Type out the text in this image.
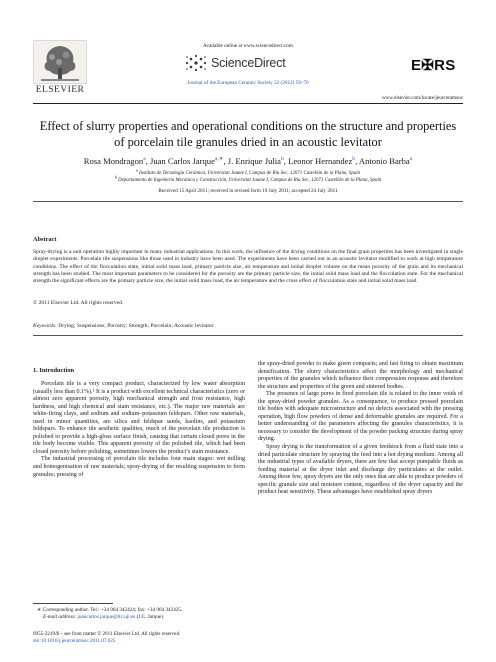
Available online at www.sciencedirect.com
ScienceDirect
Journal of the European Ceramic Society 32 (2012) 59–70
ELSEVIER
E✠RS
www.elsevier.com/locate/jeurceramsoc
Effect of slurry properties and operational conditions on the structure and properties of porcelain tile granules dried in an acoustic levitator
Rosa Mondragon$^a$, Juan Carlos Jarque$^{a,∗}$, J. Enrique Julia$^b$, Leonor Hernandez$^b$, Antonio Barba$^a$
$^a$ Instituto de Tecnología Cerámica, Universitat Jaume I, Campus de Riu Sec, 12071 Castellón de la Plana, Spain
$^b$ Departamento de Ingeniería Mecánica y Construcción, Universitat Jaume I, Campus de Riu Sec, 12071 Castellón de la Plana, Spain
Received 15 April 2011; received in revised form 19 July 2011; accepted 24 July 2011
Abstract
Spray-drying is a unit operation highly important in many industrial applications. In this work, the influence of the drying conditions on the final grain properties has been investigated in single droplet experiments. Porcelain tile suspensions like those used in industry have been used. The experiments have been carried out in an acoustic levitator modified to work at high temperature conditions. The effect of the flocculation state, initial solid mass load, primary particle size, air temperature and initial droplet volume on the mean porosity of the grain and its mechanical strength has been studied. The most important parameters to be considered for the porosity are the primary particle size, the initial solid mass load and the flocculation state. For the mechanical strength the significant effects are the primary particle size, the initial solid mass load, the air temperature and the cross effect of flocculation state and initial solid mass load.
© 2011 Elsevier Ltd. All rights reserved.
Keywords: Drying; Suspensions; Porosity; Strength; Porcelain; Acoustic levitator
1. Introduction

Porcelain tile is a very compact product, characterized by low water absorption (usually less than 0.1%).¹ It is a product with excellent technical characteristics (zero or almost zero apparent porosity, high mechanical strength and frost resistance, high hardness, and high chemical and stain resistance, etc.). The major raw materials are white-firing clays, and sodium and sodium–potassium feldspars. Other raw materials, used in minor quantities, are silica and feldspar sands, kaolins, and potassium feldspars. To enhance tile aesthetic qualities, much of the porcelain tile production is polished to provide a high-gloss surface finish, causing that certain closed pores in the tile body become visible. This apparent porosity of the polished tile, which had been closed porosity before polishing, sometimes lowers the product’s stain resistance.

The industrial processing of porcelain tile includes four main stages: wet milling and homogenisation of raw materials; spray-drying of the resulting suspension to form granules; pressing of

the spray-dried powder to make green compacts; and fast firing to obtain maximum densification. The slurry characteristics affect the morphology and mechanical properties of the granules which influence their compression response and therefore the structure and properties of the green and sintered bodies.

The presence of large pores in fired porcelain tile is related to the inner voids of the spray-dried powder granules. As a consequence, to produce pressed porcelain tile bodies with adequate microstructure and no defects associated with the pressing operation, high flow powders of dense and deformable granules are required. For a better understanding of the parameters affecting the granules characteristics, it is necessary to consider the development of the powder packing structure during spray drying.

Spray drying is the transformation of a given feedstock from a fluid state into a dried particulate structure by spraying the feed into a hot drying medium. Among all the industrial types of available dryers, there are few that accept pumpable fluids as feeding material at the dryer inlet and discharge dry particulates at the outlet. Among those few, spray dryers are the only ones that are able to produce powders of specific granule size and moisture content, regardless of the dryer capacity and the product heat sensitivity. These advantages have established spray dryers

∗ Corresponding author. Tel.: +34 964 342424; fax: +34 964 342425.
E-mail address: juancarlos.jarque@itc.uji.es (J.C. Jarque).
0955-2219/$ – see front matter © 2011 Elsevier Ltd. All rights reserved.
doi:10.1016/j.jeurceramsoc.2011.07.025
